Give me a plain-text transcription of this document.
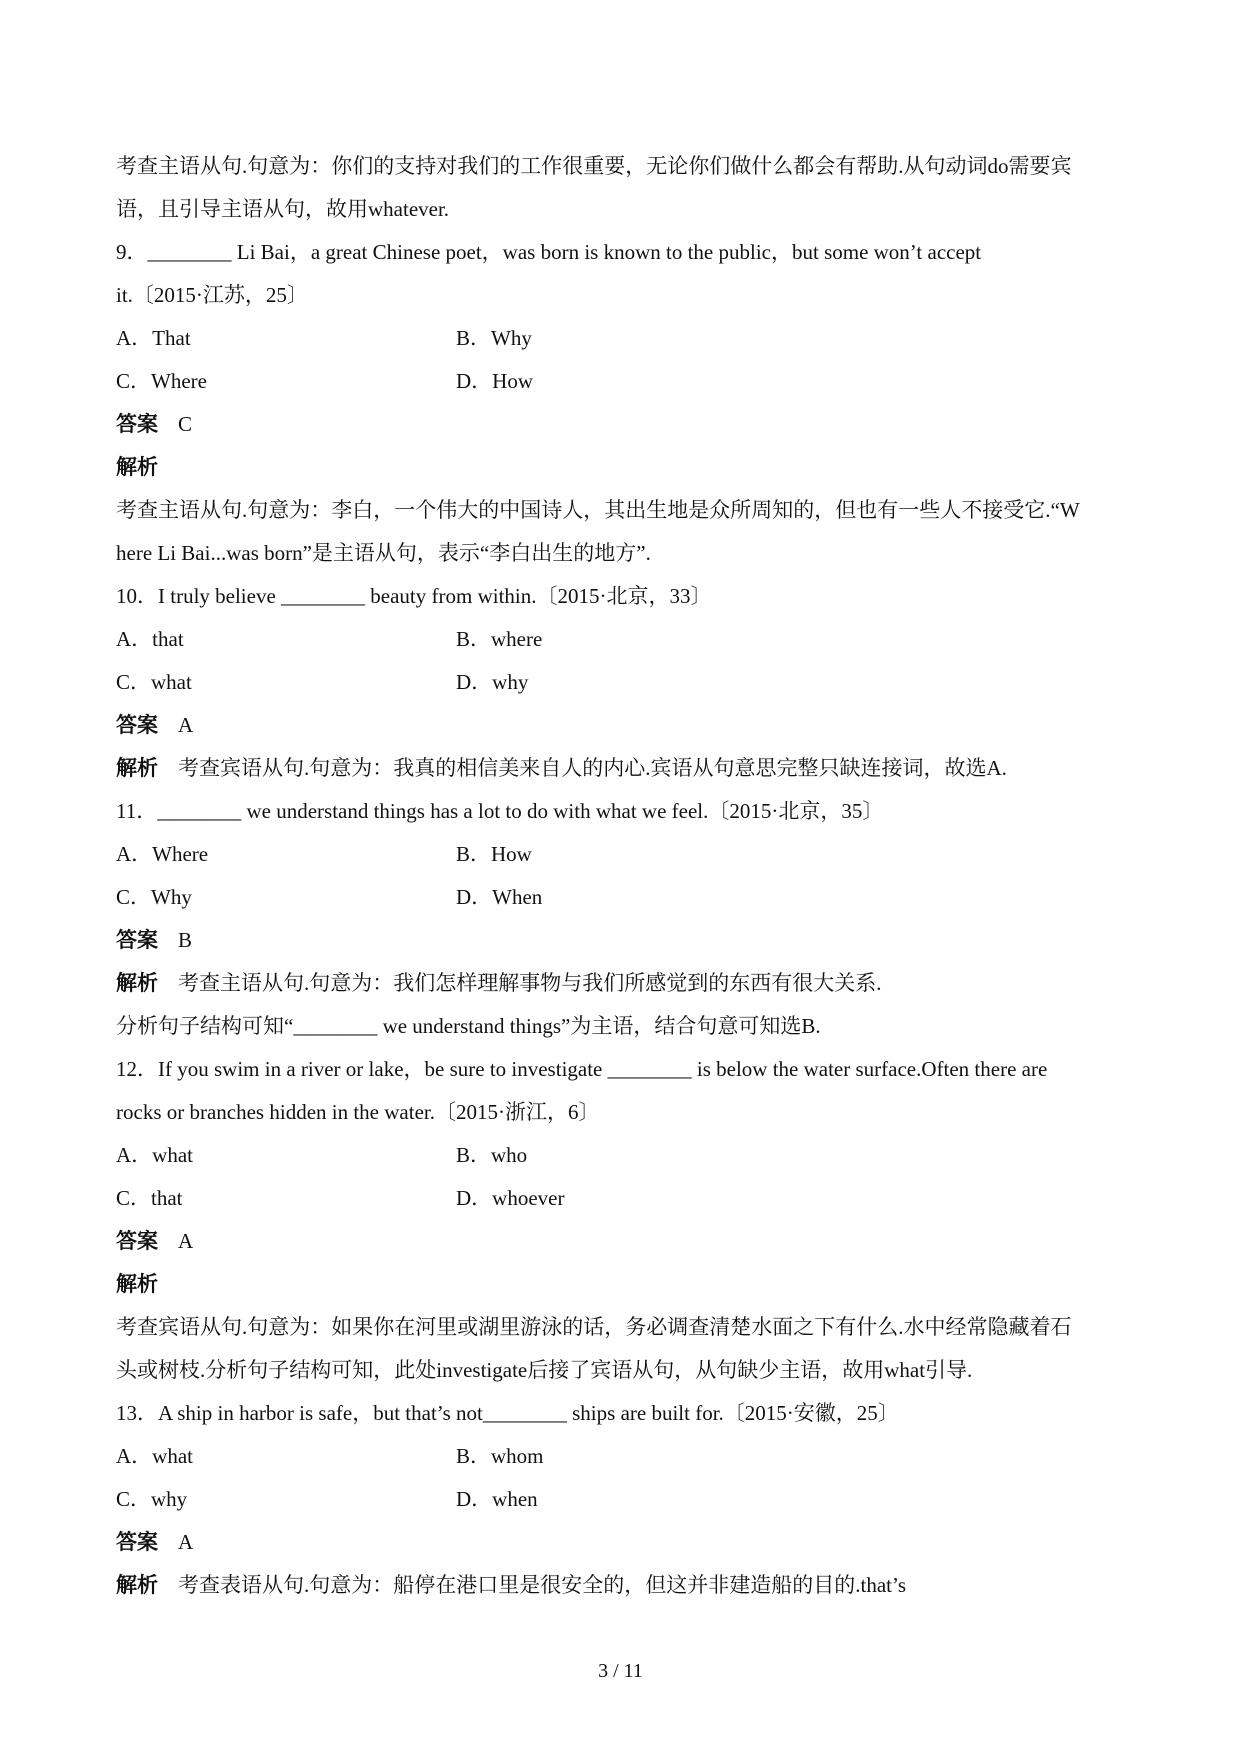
考查主语从句.句意为：你们的支持对我们的工作很重要，无论你们做什么都会有帮助.从句动词do需要宾
语，且引导主语从句，故用whatever.
9．________ Li Bai，a great Chinese poet，was born is known to the public，but some won’t accept
it.〔2015·江苏，25〕
A．That	B．Why
C．Where	D．How
答案 C
解析
考查主语从句.句意为：李白，一个伟大的中国诗人，其出生地是众所周知的，但也有一些人不接受它.“W
here Li Bai...was born”是主语从句，表示“李白出生的地方”.
10．I truly believe ________ beauty from within.〔2015·北京，33〕
A．that	B．where
C．what	D．why
答案 A
解析 考查宾语从句.句意为：我真的相信美来自人的内心.宾语从句意思完整只缺连接词，故选A.
11．________ we understand things has a lot to do with what we feel.〔2015·北京，35〕
A．Where	B．How
C．Why	D．When
答案 B
解析 考查主语从句.句意为：我们怎样理解事物与我们所感觉到的东西有很大关系.
分析句子结构可知“________ we understand things”为主语，结合句意可知选B.
12．If you swim in a river or lake，be sure to investigate ________ is below the water surface.Often there are
rocks or branches hidden in the water.〔2015·浙江，6〕
A．what	B．who
C．that	D．whoever
答案 A
解析
考查宾语从句.句意为：如果你在河里或湖里游泳的话，务必调查清楚水面之下有什么.水中经常隐藏着石
头或树枝.分析句子结构可知，此处investigate后接了宾语从句，从句缺少主语，故用what引导.
13．A ship in harbor is safe，but that’s not________ ships are built for.〔2015·安徽，25〕
A．what	B．whom
C．why	D．when
答案 A
解析 考查表语从句.句意为：船停在港口里是很安全的，但这并非建造船的目的.that’s
3 / 11
